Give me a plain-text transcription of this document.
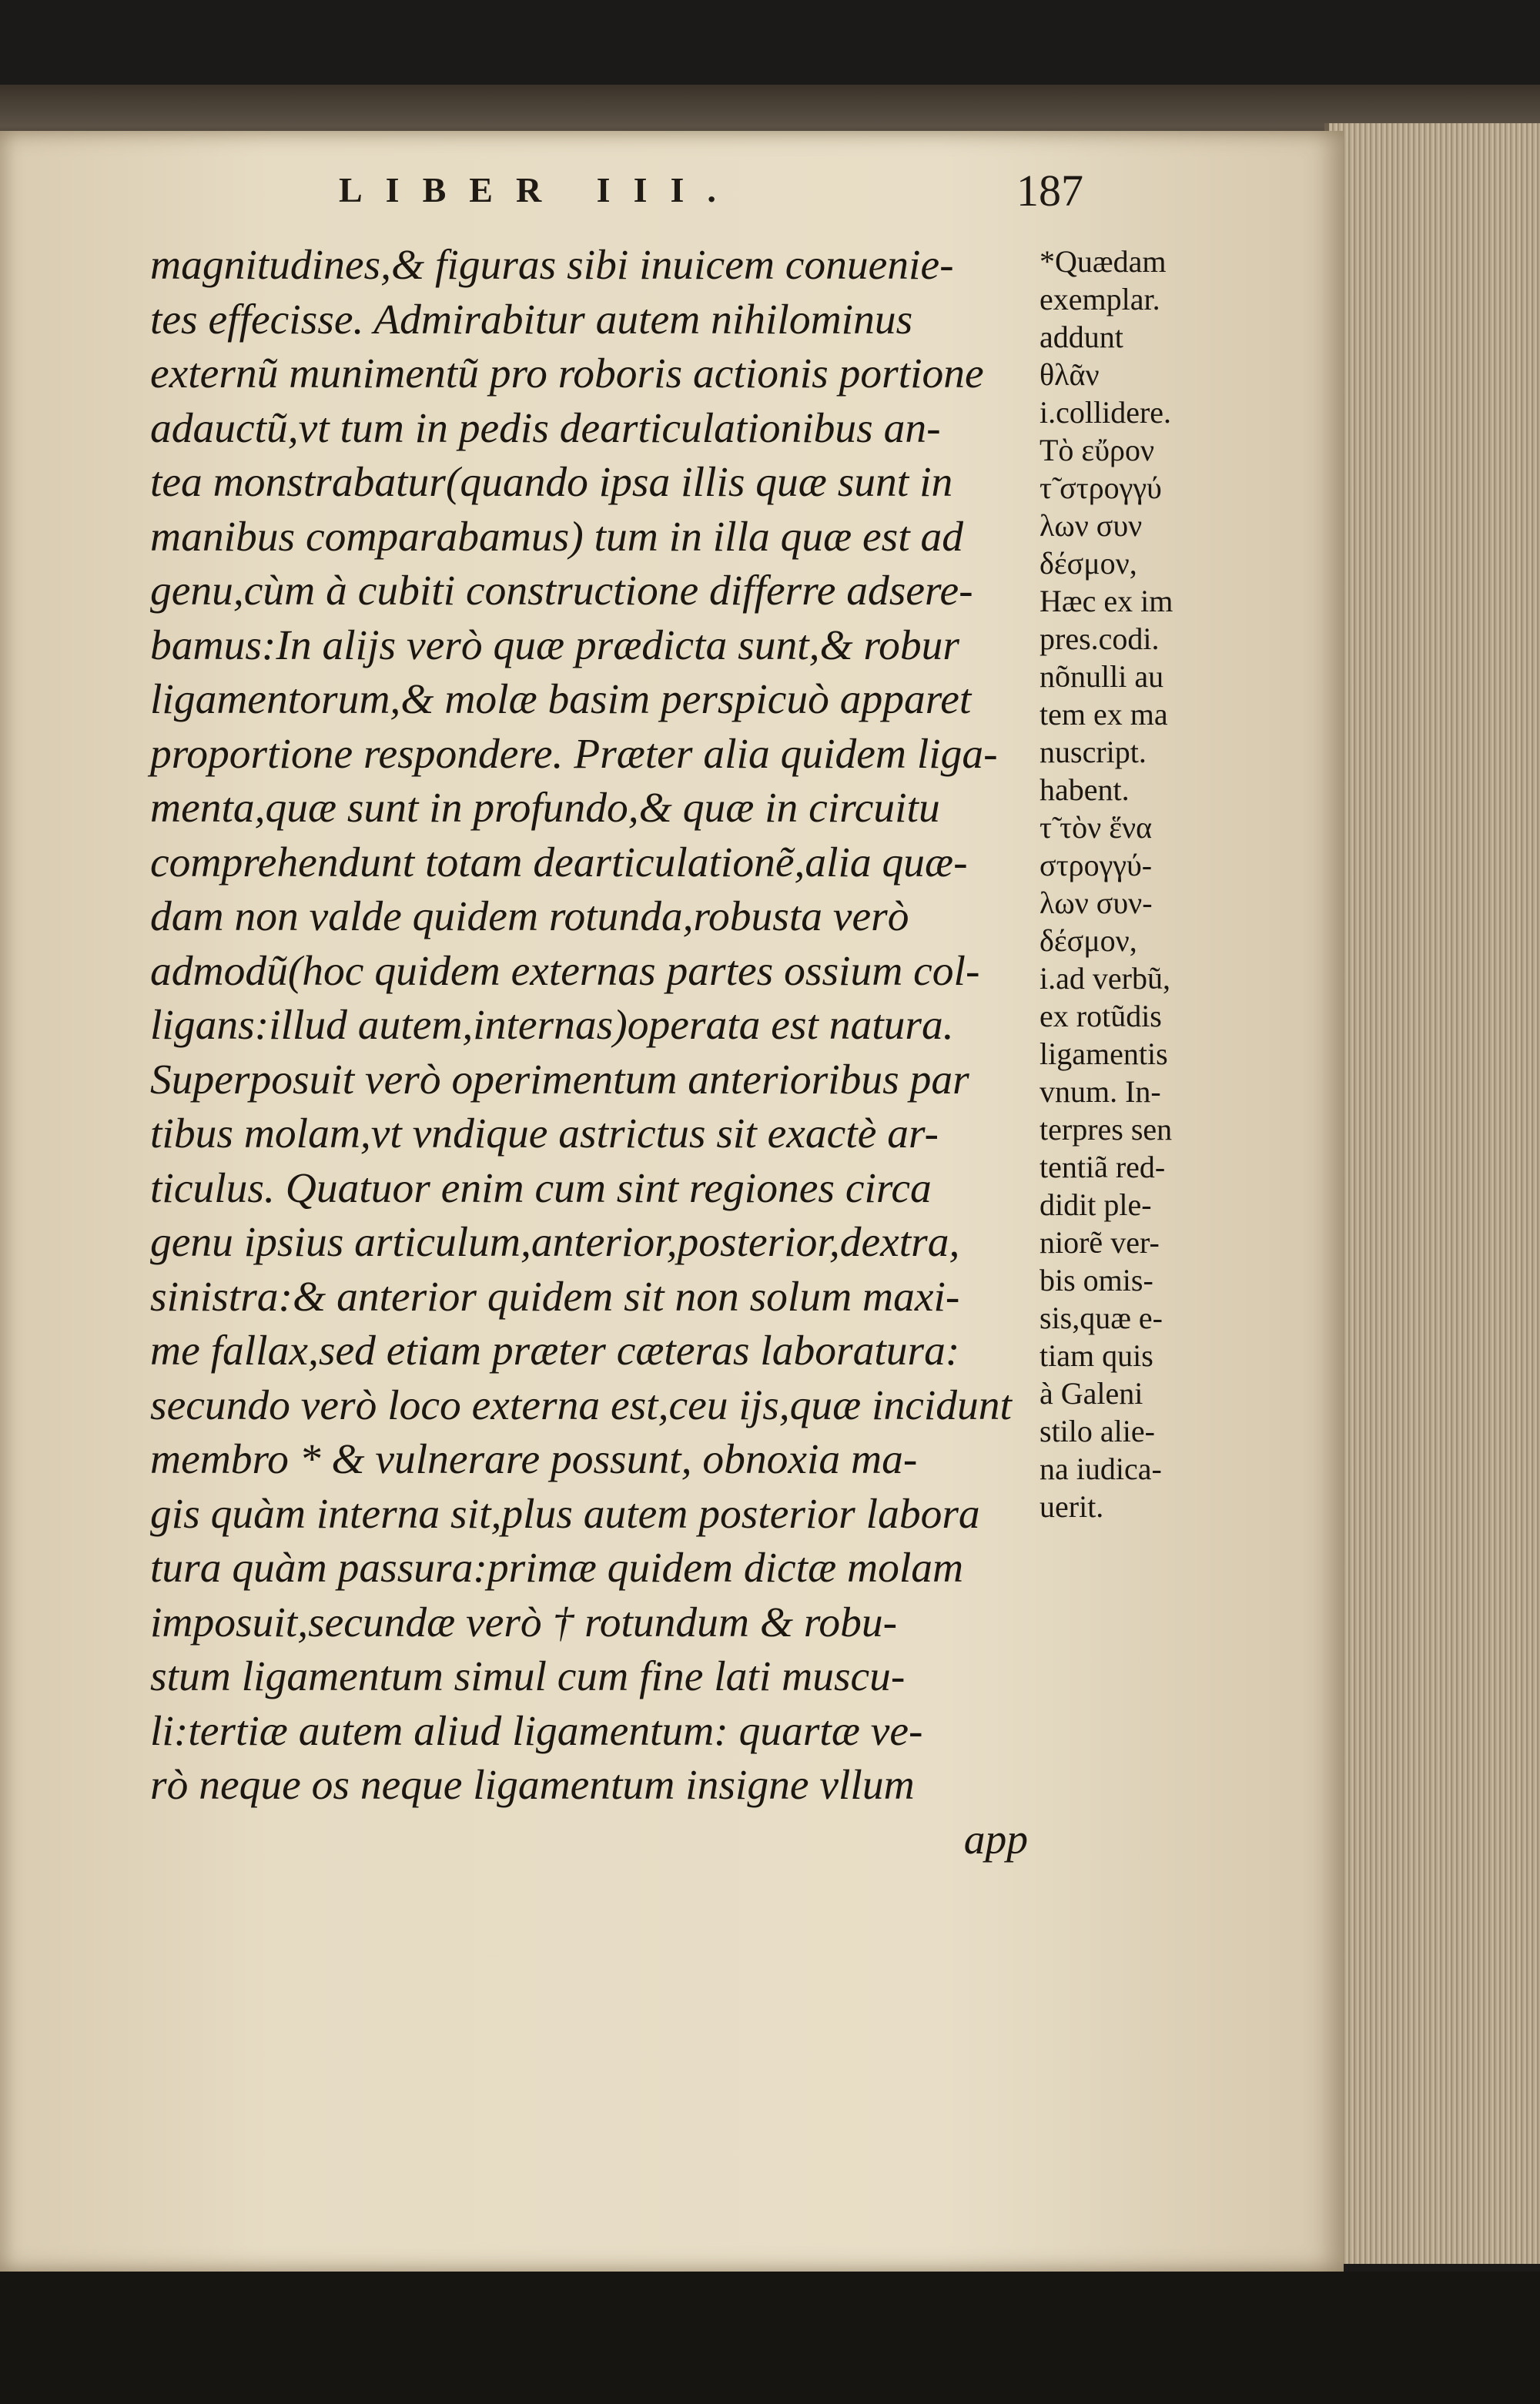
LIBER III.	187
magnitudines,& figuras sibi inuicem conuenie-
tes effecisse. Admirabitur autem nihilominus
externũ munimentũ pro roboris actionis portione
adauctũ,vt tum in pedis dearticulationibus an-
tea monstrabatur(quando ipsa illis quæ sunt in
manibus comparabamus) tum in illa quæ est ad
genu,cùm à cubiti constructione differre adsere-
bamus:In alijs verò quæ prædicta sunt,& robur
ligamentorum,& molæ basim perspicuò apparet
proportione respondere. Præter alia quidem liga-
menta,quæ sunt in profundo,& quæ in circuitu
comprehendunt totam dearticulationẽ,alia quæ-
dam non valde quidem rotunda,robusta verò
admodũ(hoc quidem externas partes ossium col-
ligans:illud autem,internas)operata est natura.
Superposuit verò operimentum anterioribus par
tibus molam,vt vndique astrictus sit exactè ar-
ticulus. Quatuor enim cum sint regiones circa
genu ipsius articulum,anterior,posterior,dextra,
sinistra:& anterior quidem sit non solum maxi-
me fallax,sed etiam præter cæteras laboratura:
secundo verò loco externa est,ceu ijs,quæ incidunt
membro * & vulnerare possunt, obnoxia ma-
gis quàm interna sit,plus autem posterior labora
tura quàm passura:primæ quidem dictæ molam
imposuit,secundæ verò † rotundum & robu-
stum ligamentum simul cum fine lati muscu-
li:tertiæ autem aliud ligamentum: quartæ ve-
rò neque os neque ligamentum insigne vllum
app
*Quædam
exemplar.
addunt
θλᾶν
i.collidere.
Τὸ εὔρον
τ̃ στρογγύ
λων συν
δέσμον,
Hæc ex im
pres.codi.
nõnulli au
tem ex ma
nuscript.
habent.
τ̃ τὸν ἕνα
στρογγύ-
λων συν-
δέσμον,
i.ad verbũ,
ex rotũdis
ligamentis
vnum. In-
terpres sen
tentiã red-
didit ple-
niorẽ ver-
bis omis-
sis,quæ e-
tiam quis
à Galeni
stilo alie-
na iudica-
uerit.
